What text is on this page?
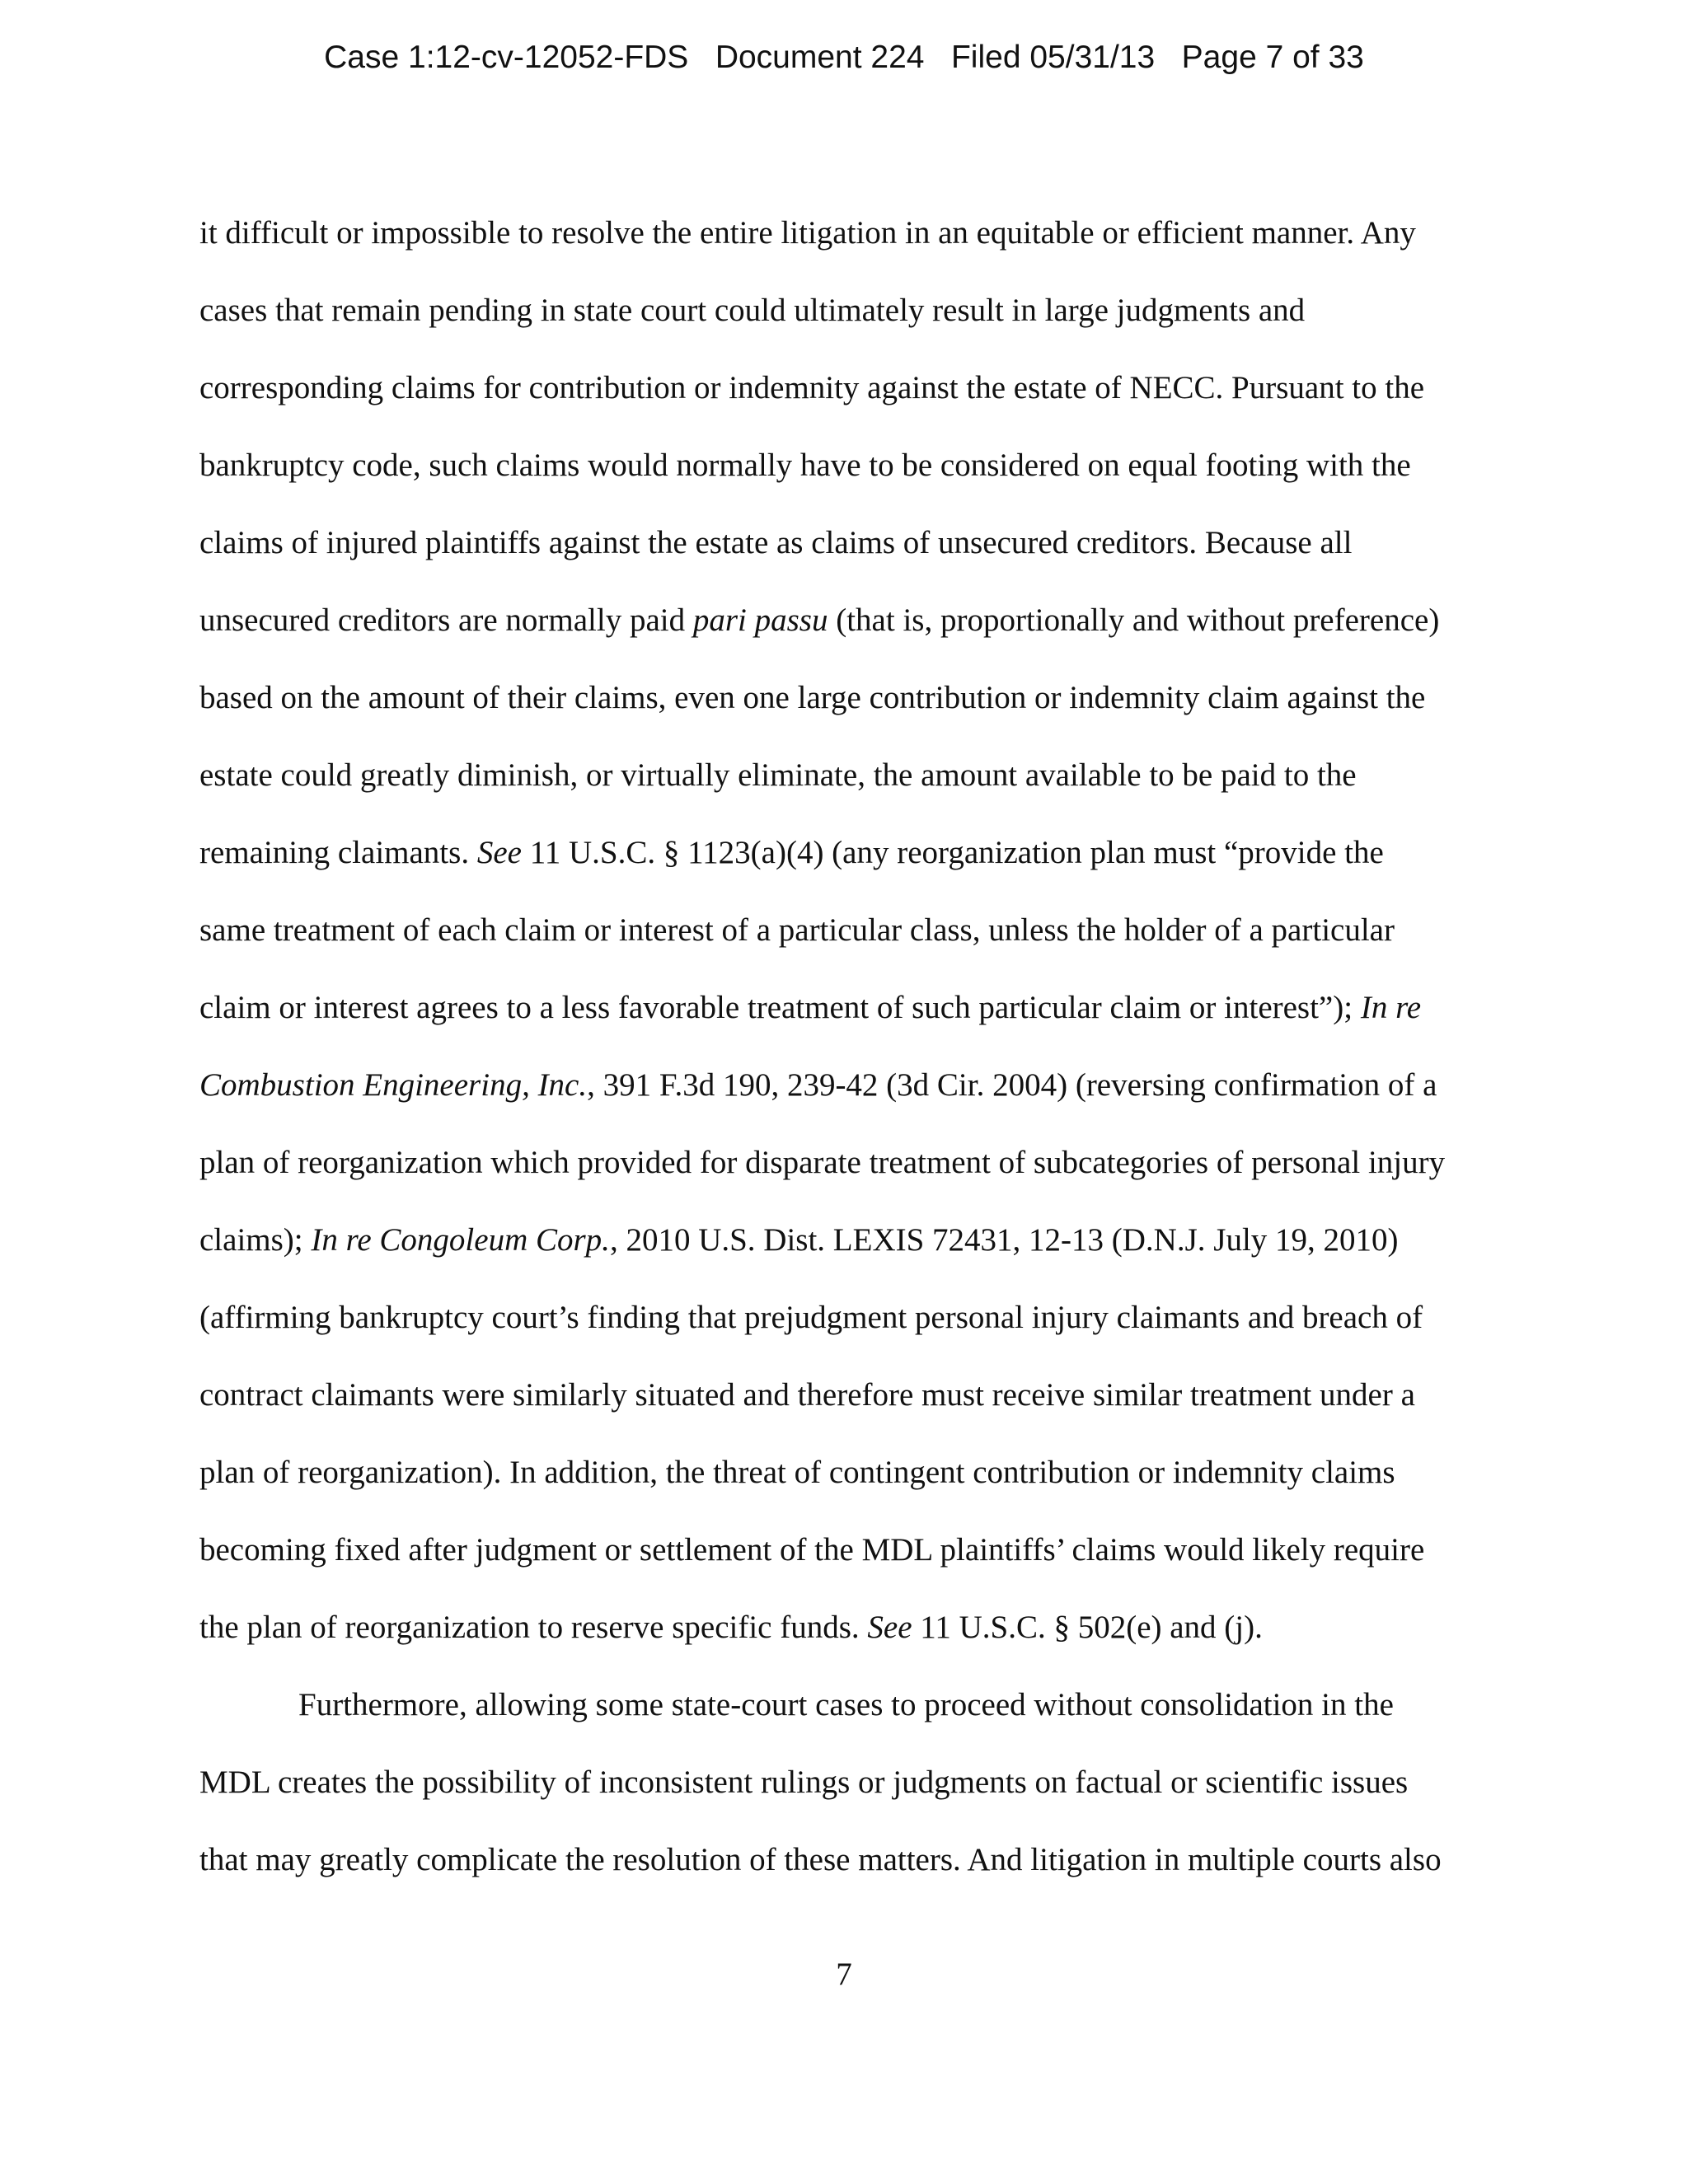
Case 1:12-cv-12052-FDS   Document 224   Filed 05/31/13   Page 7 of 33
it difficult or impossible to resolve the entire litigation in an equitable or efficient manner. Any
cases that remain pending in state court could ultimately result in large judgments and
corresponding claims for contribution or indemnity against the estate of NECC. Pursuant to the
bankruptcy code, such claims would normally have to be considered on equal footing with the
claims of injured plaintiffs against the estate as claims of unsecured creditors. Because all
unsecured creditors are normally paid pari passu (that is, proportionally and without preference)
based on the amount of their claims, even one large contribution or indemnity claim against the
estate could greatly diminish, or virtually eliminate, the amount available to be paid to the
remaining claimants. See 11 U.S.C. § 1123(a)(4) (any reorganization plan must “provide the
same treatment of each claim or interest of a particular class, unless the holder of a particular
claim or interest agrees to a less favorable treatment of such particular claim or interest”); In re
Combustion Engineering, Inc., 391 F.3d 190, 239-42 (3d Cir. 2004) (reversing confirmation of a
plan of reorganization which provided for disparate treatment of subcategories of personal injury
claims); In re Congoleum Corp., 2010 U.S. Dist. LEXIS 72431, 12-13 (D.N.J. July 19, 2010)
(affirming bankruptcy court’s finding that prejudgment personal injury claimants and breach of
contract claimants were similarly situated and therefore must receive similar treatment under a
plan of reorganization). In addition, the threat of contingent contribution or indemnity claims
becoming fixed after judgment or settlement of the MDL plaintiffs’ claims would likely require
the plan of reorganization to reserve specific funds. See 11 U.S.C. § 502(e) and (j).
Furthermore, allowing some state-court cases to proceed without consolidation in the
MDL creates the possibility of inconsistent rulings or judgments on factual or scientific issues
that may greatly complicate the resolution of these matters. And litigation in multiple courts also
7
